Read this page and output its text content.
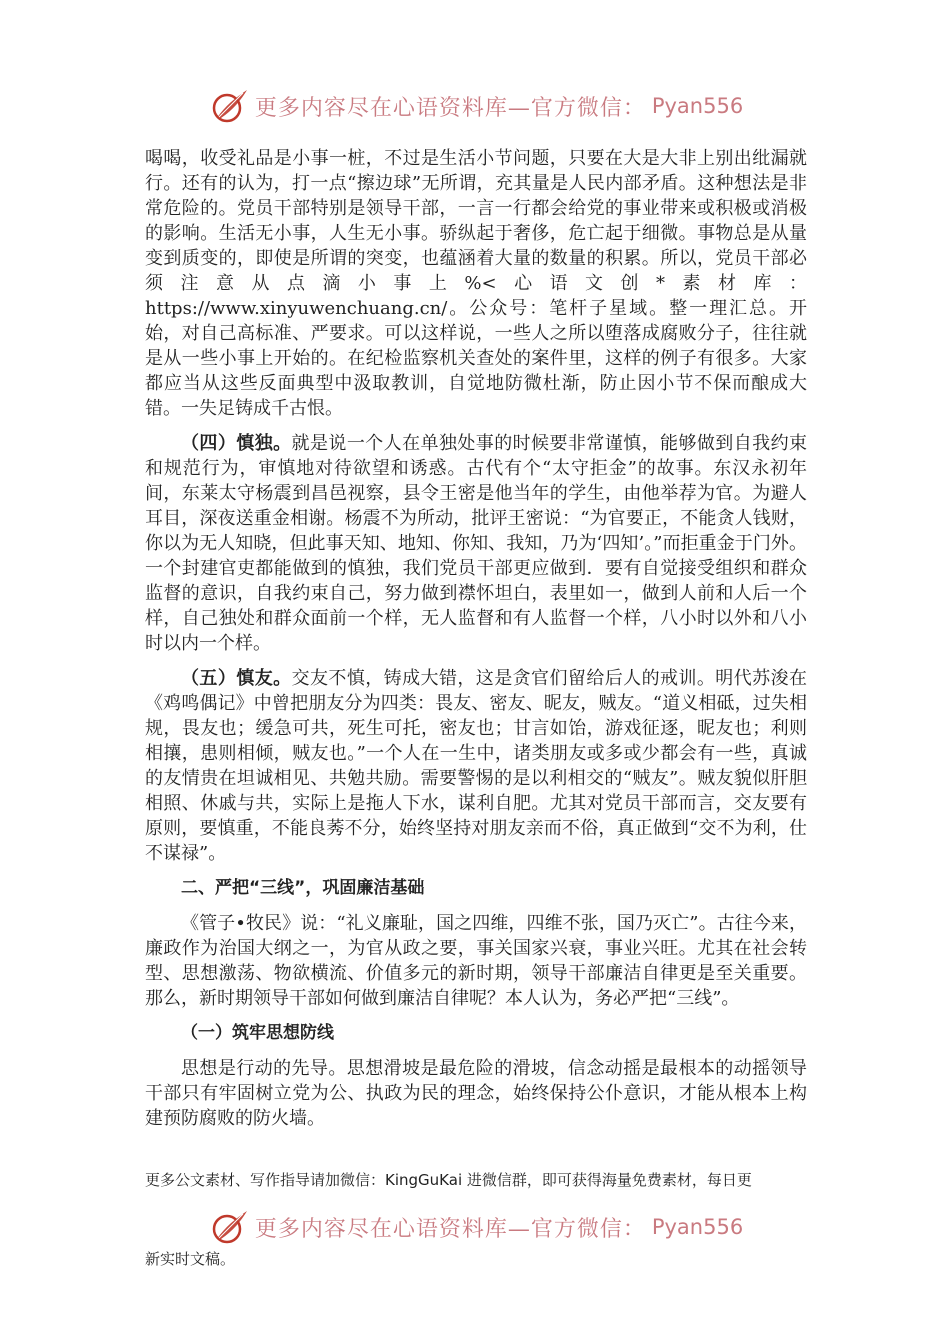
更多内容尽在心语资料库—官方微信： Pyan556

喝喝，收受礼品是小事一桩，不过是生活小节问题，只要在大是大非上别出纰漏就行。还有的认为，打一点“擦边球”无所谓，充其量是人民内部矛盾。这种想法是非常危险的。党员干部特别是领导干部，一言一行都会给党的事业带来或积极或消极的影响。生活无小事，人生无小事。骄纵起于奢侈，危亡起于细微。事物总是从量变到质变的，即使是所谓的突变，也蕴涵着大量的数量的积累。所以，党员干部必须注意从点滴小事上%<心语文创*素材库：https://www.xinyuwenchuang.cn/。公众号：笔杆子星域。整一理汇总。开始，对自己高标准、严要求。可以这样说，一些人之所以堕落成腐败分子，往往就是从一些小事上开始的。在纪检监察机关查处的案件里，这样的例子有很多。大家都应当从这些反面典型中汲取教训，自觉地防微杜渐，防止因小节不保而酿成大错。一失足铸成千古恨。

（四）慎独。就是说一个人在单独处事的时候要非常谨慎，能够做到自我约束和规范行为，审慎地对待欲望和诱惑。古代有个“太守拒金”的故事。东汉永初年间，东莱太守杨震到昌邑视察，县令王密是他当年的学生，由他举荐为官。为避人耳目，深夜送重金相谢。杨震不为所动，批评王密说：“为官要正，不能贪人钱财，你以为无人知晓，但此事天知、地知、你知、我知，乃为‘四知’。”而拒重金于门外。一个封建官吏都能做到的慎独，我们党员干部更应做到．要有自觉接受组织和群众监督的意识，自我约束自己，努力做到襟怀坦白，表里如一，做到人前和人后一个样，自己独处和群众面前一个样，无人监督和有人监督一个样，八小时以外和八小时以内一个样。

（五）慎友。交友不慎，铸成大错，这是贪官们留给后人的戒训。明代苏浚在《鸡鸣偶记》中曾把朋友分为四类：畏友、密友、昵友，贼友。“道义相砥，过失相规，畏友也；缓急可共，死生可托，密友也；甘言如饴，游戏征逐，昵友也；利则相攘，患则相倾，贼友也。”一个人在一生中，诸类朋友或多或少都会有一些，真诚的友情贵在坦诚相见、共勉共励。需要警惕的是以利相交的“贼友”。贼友貌似肝胆相照、休戚与共，实际上是拖人下水，谋利自肥。尤其对党员干部而言，交友要有原则，要慎重，不能良莠不分，始终坚持对朋友亲而不俗，真正做到“交不为利，仕不谋禄”。

二、严把“三线”，巩固廉洁基础

《管子•牧民》说：“礼义廉耻，国之四维，四维不张，国乃灭亡”。古往今来，廉政作为治国大纲之一，为官从政之要，事关国家兴衰，事业兴旺。尤其在社会转型、思想激荡、物欲横流、价值多元的新时期，领导干部廉洁自律更是至关重要。那么，新时期领导干部如何做到廉洁自律呢？本人认为，务必严把“三线”。

（一）筑牢思想防线

思想是行动的先导。思想滑坡是最危险的滑坡，信念动摇是最根本的动摇领导干部只有牢固树立党为公、执政为民的理念，始终保持公仆意识，才能从根本上构建预防腐败的防火墙。

更多公文素材、写作指导请加微信：KingGuKai 进微信群，即可获得海量免费素材，每日更
更多内容尽在心语资料库—官方微信： Pyan556
新实时文稿。
